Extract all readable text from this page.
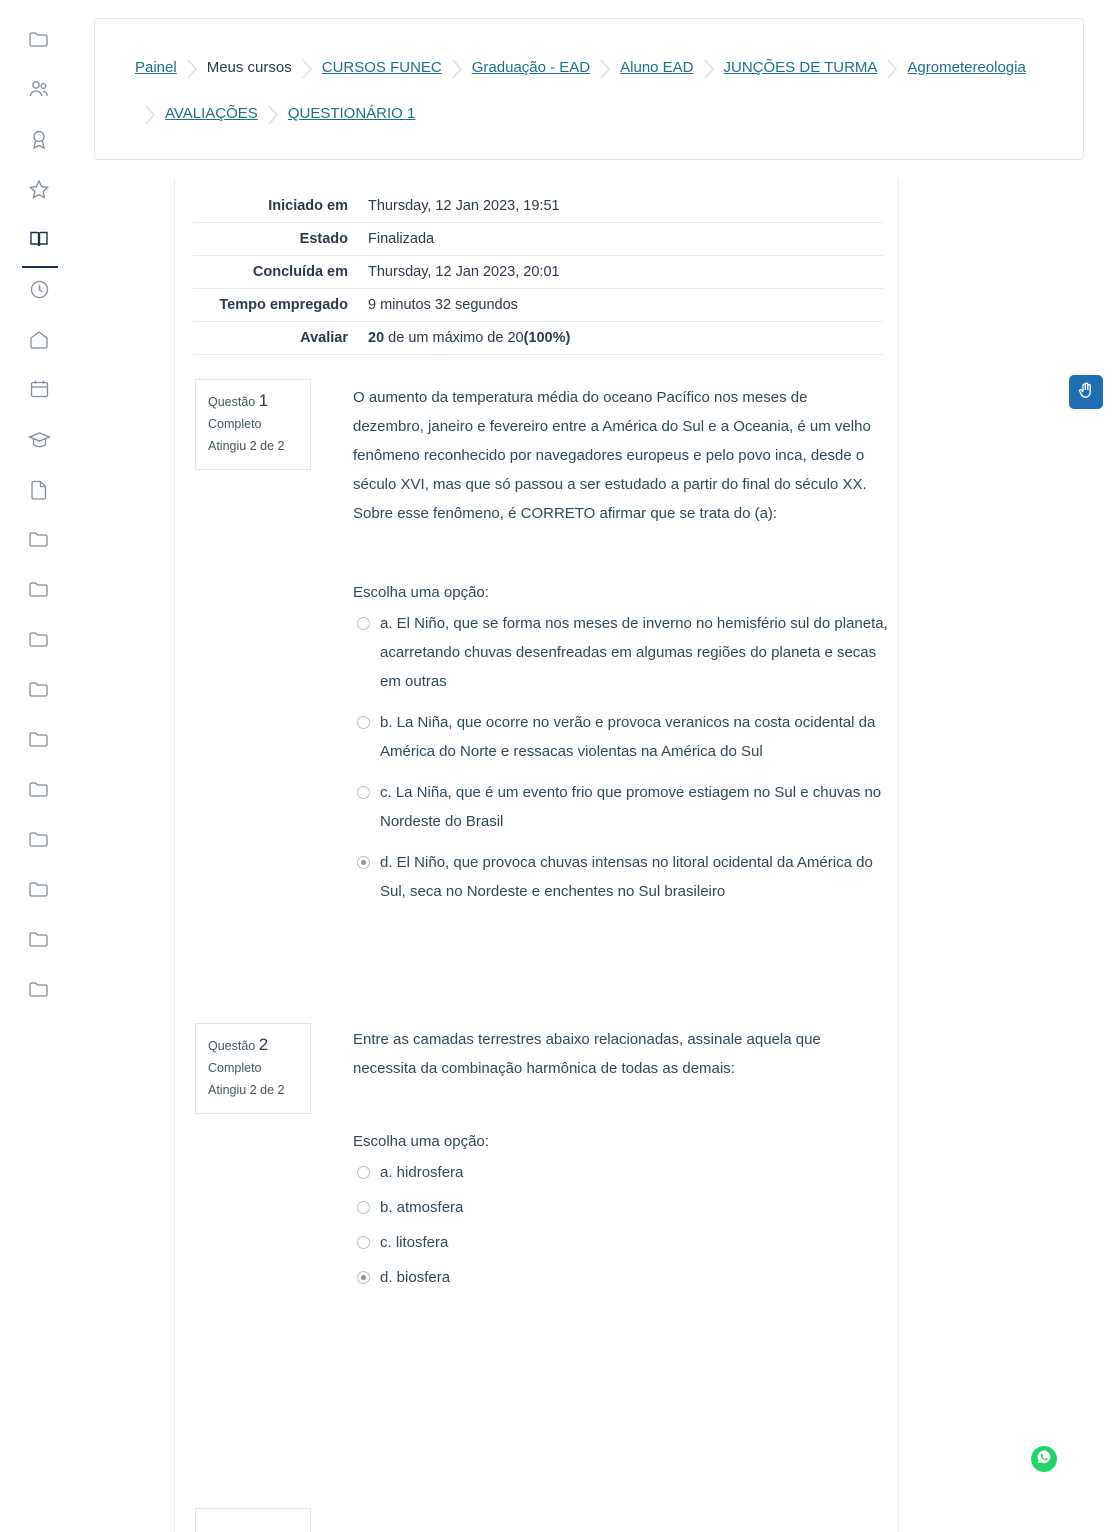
Painel Meus cursos CURSOS FUNEC Graduação - EAD Aluno EAD JUNÇÕES DE TURMA Agrometereologia
AVALIAÇÕES QUESTIONÁRIO 1
Iniciado em	Thursday, 12 Jan 2023, 19:51
Estado	Finalizada
Concluída em	Thursday, 12 Jan 2023, 20:01
Tempo empregado	9 minutos 32 segundos
Avaliar	20 de um máximo de 20(100%)
Questão 1
Completo
Atingiu 2 de 2
O aumento da temperatura média do oceano Pacífico nos meses de dezembro, janeiro e fevereiro entre a América do Sul e a Oceania, é um velho fenômeno reconhecido por navegadores europeus e pelo povo inca, desde o século XVI, mas que só passou a ser estudado a partir do final do século XX. Sobre esse fenômeno, é CORRETO afirmar que se trata do (a):
Escolha uma opção:
a. El Niño, que se forma nos meses de inverno no hemisfério sul do planeta, acarretando chuvas desenfreadas em algumas regiões do planeta e secas em outras
b. La Niña, que ocorre no verão e provoca veranicos na costa ocidental da América do Norte e ressacas violentas na América do Sul
c. La Niña, que é um evento frio que promove estiagem no Sul e chuvas no Nordeste do Brasil
d. El Niño, que provoca chuvas intensas no litoral ocidental da América do Sul, seca no Nordeste e enchentes no Sul brasileiro
Questão 2
Completo
Atingiu 2 de 2
Entre as camadas terrestres abaixo relacionadas, assinale aquela que necessita da combinação harmônica de todas as demais:
Escolha uma opção:
a. hidrosfera
b. atmosfera
c. litosfera
d. biosfera
